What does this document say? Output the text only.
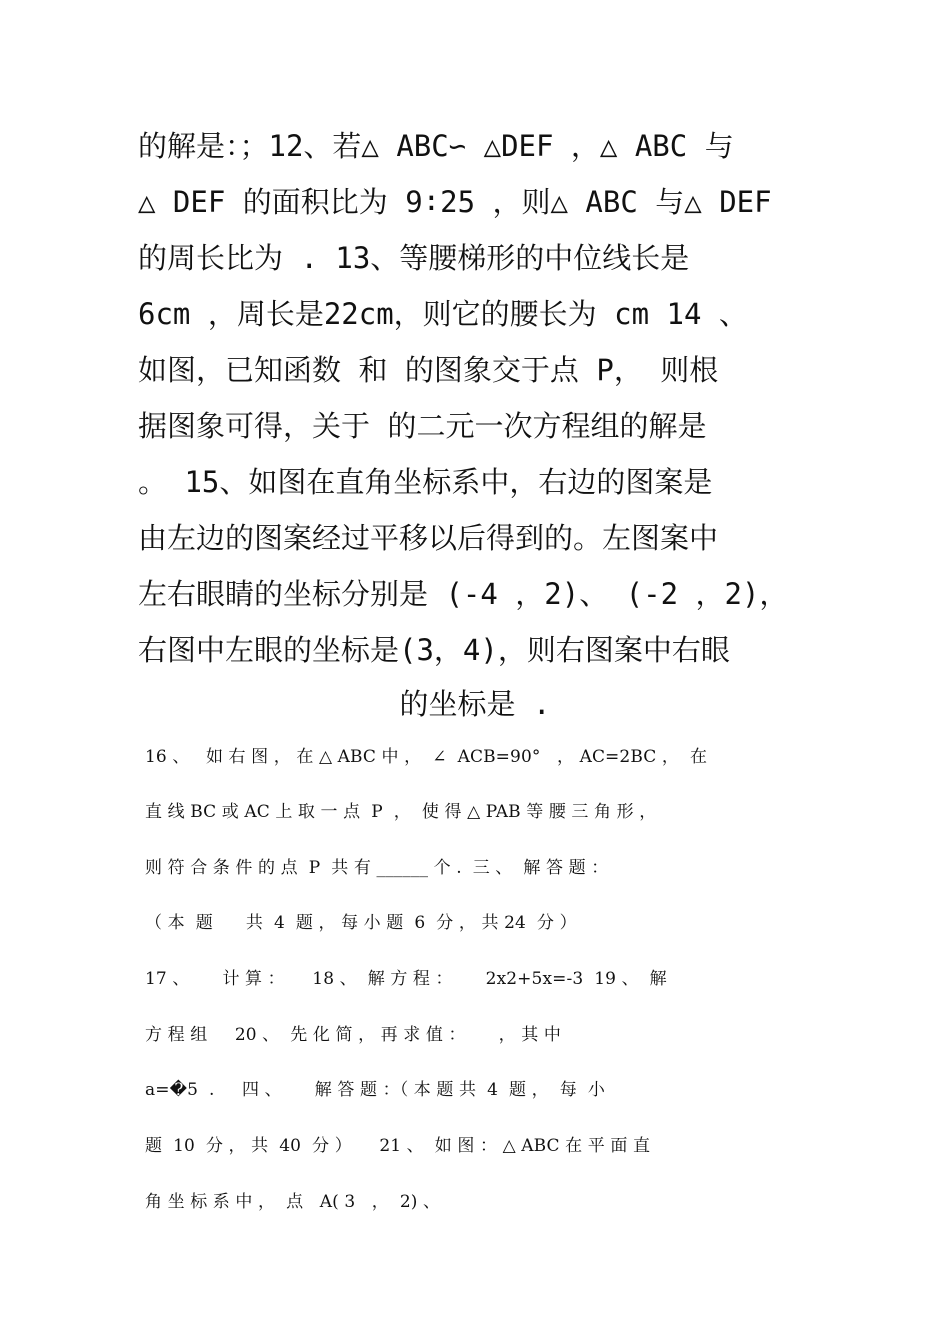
的解是：；12、若△ ABC∽ △DEF ，△ ABC 与
△ DEF 的面积比为 9∶25 ，则△ ABC 与△ DEF
的周长比为 . 13、等腰梯形的中位线长是
6cm ，周长是22cm，则它的腰长为 cm 14 、
如图，已知函数 和 的图象交于点 P， 则根
据图象可得，关于 的二元一次方程组的解是
。 15、如图在直角坐标系中，右边的图案是
由左边的图案经过平移以后得到的。左图案中
左右眼睛的坐标分别是 (-4 ，2)、 (-2 ，2)，
右图中左眼的坐标是(3，4)，则右图案中右眼
的坐标是 .
16 、   如 右 图 ， 在 △ ABC 中 ，  ∠  ACB=90°   ， AC=2BC ，  在
直 线 BC 或 AC 上 取 一 点  P  ，  使 得 △ PAB 等 腰 三 角 形 ，
则 符 合 条 件 的 点  P  共 有 ______ 个 .  三 、  解 答 题 ：
（ 本  题      共  4  题 ， 每 小 题  6  分 ， 共 24  分 ）
17 、      计 算 ：     18 、  解 方 程 ：      2x2+5x=-3  19 、  解
方 程 组     20 、  先 化 简 ， 再 求 值 ：      ， 其 中
a=�5  .     四 、      解 答 题 ：（ 本 题 共  4  题 ，  每  小
题  10  分 ， 共  40  分 ）     21 、  如 图 ： △ ABC 在 平 面 直
角 坐 标 系 中 ，  点   A( 3   ，  2) 、
